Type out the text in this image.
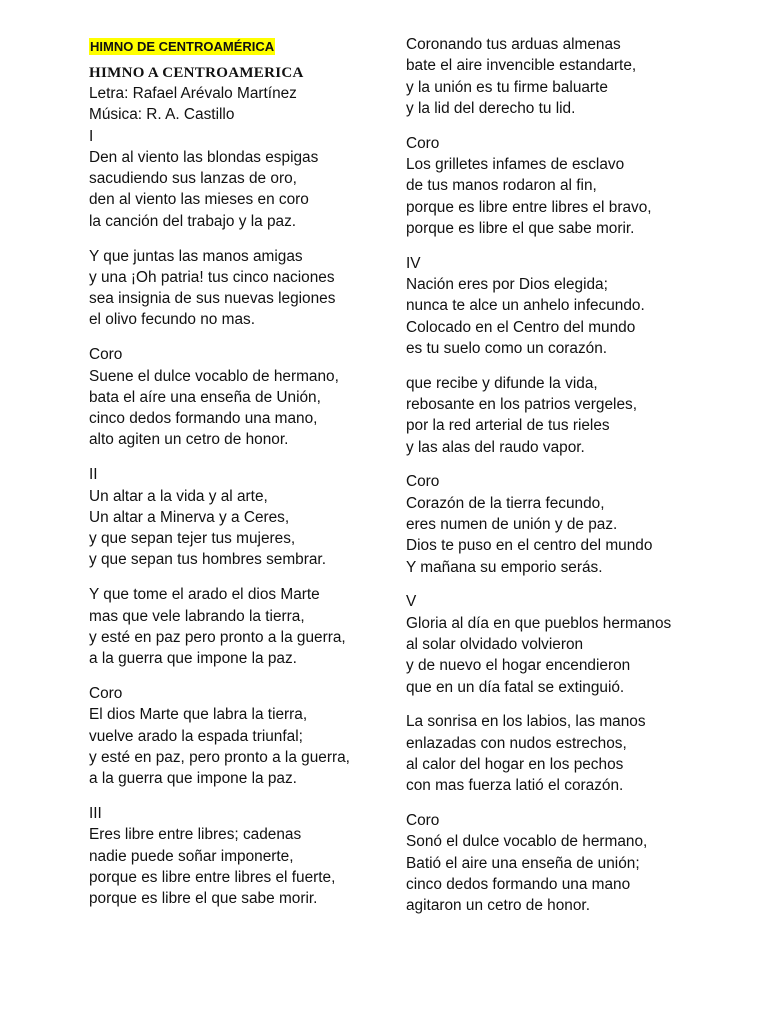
HIMNO DE CENTROAMÉRICA
HIMNO A CENTROAMERICA
Letra: Rafael Arévalo Martínez
Música: R. A. Castillo
I
Den al viento las blondas espigas
sacudiendo sus lanzas de oro,
den al viento las mieses en coro
la canción del trabajo y la paz.
Y que juntas las manos amigas
y una ¡Oh patria! tus cinco naciones
sea insignia de sus nuevas legiones
el olivo fecundo no mas.
Coro
Suene el dulce vocablo de hermano,
bata el aíre una enseña de Unión,
cinco dedos formando una mano,
alto agiten un cetro de honor.
II
Un altar a la vida y al arte,
Un altar a Minerva y a Ceres,
y que sepan tejer tus mujeres,
y que sepan tus hombres sembrar.
Y que tome el arado el dios Marte
mas que vele labrando la tierra,
y esté en paz pero pronto a la guerra,
a la guerra que impone la paz.
Coro
El dios Marte que labra la tierra,
vuelve arado la espada triunfal;
y esté en paz, pero pronto a la guerra,
a la guerra que impone la paz.
III
Eres libre entre libres; cadenas
nadie puede soñar imponerte,
porque es libre entre libres el fuerte,
porque es libre el que sabe morir.
Coronando tus arduas almenas
bate el aire invencible estandarte,
y la unión es tu firme baluarte
y la lid del derecho tu lid.
Coro
Los grilletes infames de esclavo
de tus manos rodaron al fin,
porque es libre entre libres el bravo,
porque es libre el que sabe morir.
IV
Nación eres por Dios elegida;
nunca te alce un anhelo infecundo.
Colocado en el Centro del mundo
es tu suelo como un corazón.
que recibe y difunde la vida,
rebosante en los patrios vergeles,
por la red arterial de tus rieles
y las alas del raudo vapor.
Coro
Corazón de la tierra fecundo,
eres numen de unión y de paz.
Dios te puso en el centro del mundo
Y mañana su emporio serás.
V
Gloria al día en que pueblos hermanos
al solar olvidado volvieron
y de nuevo el hogar encendieron
que en un día fatal se extinguió.
La sonrisa en los labios, las manos
enlazadas con nudos estrechos,
al calor del hogar en los pechos
con mas fuerza latió el corazón.
Coro
Sonó el dulce vocablo de hermano,
Batió el aire una enseña de unión;
cinco dedos formando una mano
agitaron un cetro de honor.
